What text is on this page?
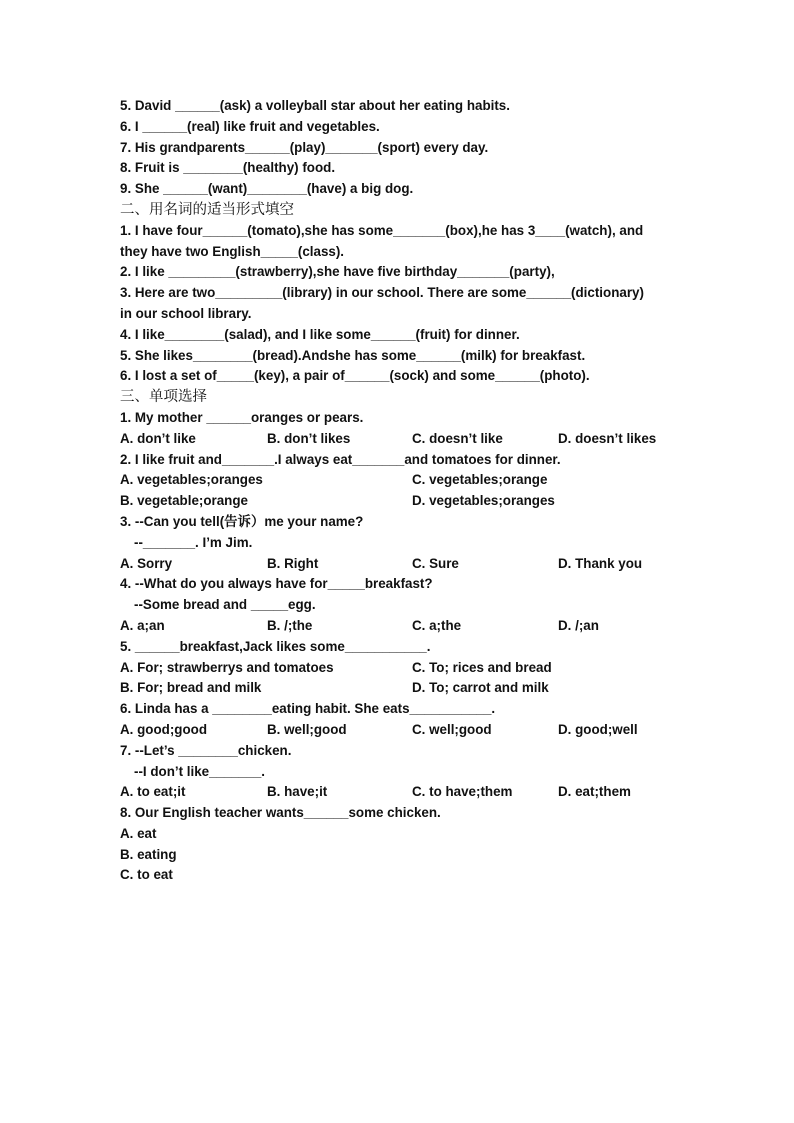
5. David ______(ask) a volleyball star about her eating habits.
6. I ______(real) like fruit and vegetables.
7. His grandparents______(play)_______(sport) every day.
8. Fruit is ________(healthy) food.
9. She ______(want)________(have) a big dog.
二、用名词的适当形式填空
1. I have four______(tomato),she has some_______(box),he has 3____(watch), and
they have two English_____(class).
2. I like _________(strawberry),she have five birthday_______(party),
3. Here are two_________(library) in our school. There are some______(dictionary)
in our school library.
4. I like________(salad), and I like some______(fruit) for dinner.
5. She likes________(bread).Andshe has some______(milk) for breakfast.
6. I lost a set of_____(key), a pair of______(sock) and some______(photo).
三、单项选择
1. My mother ______oranges or pears.
A. don’t like	B. don’t likes	C. doesn’t like	D. doesn’t likes
2. I like fruit and_______.I always eat_______and tomatoes for dinner.
A. vegetables;oranges	C. vegetables;orange
B. vegetable;orange	D. vegetables;oranges
3. --Can you tell(告诉）me your name?
--_______. I’m Jim.
A. Sorry	B. Right	C. Sure	D. Thank you
4. --What do you always have for_____breakfast?
--Some bread and _____egg.
A. a;an	B. /;the	C. a;the	D. /;an
5. ______breakfast,Jack likes some___________.
A. For; strawberrys and tomatoes	C. To; rices and bread
B. For; bread and milk	D. To; carrot and milk
6. Linda has a ________eating habit. She eats___________.
A. good;good	B. well;good	C. well;good	D. good;well
7. --Let’s ________chicken.
--I don’t like_______.
A. to eat;it	B. have;it	C. to have;them	D. eat;them
8. Our English teacher wants______some chicken.
A. eat
B. eating
C. to eat
